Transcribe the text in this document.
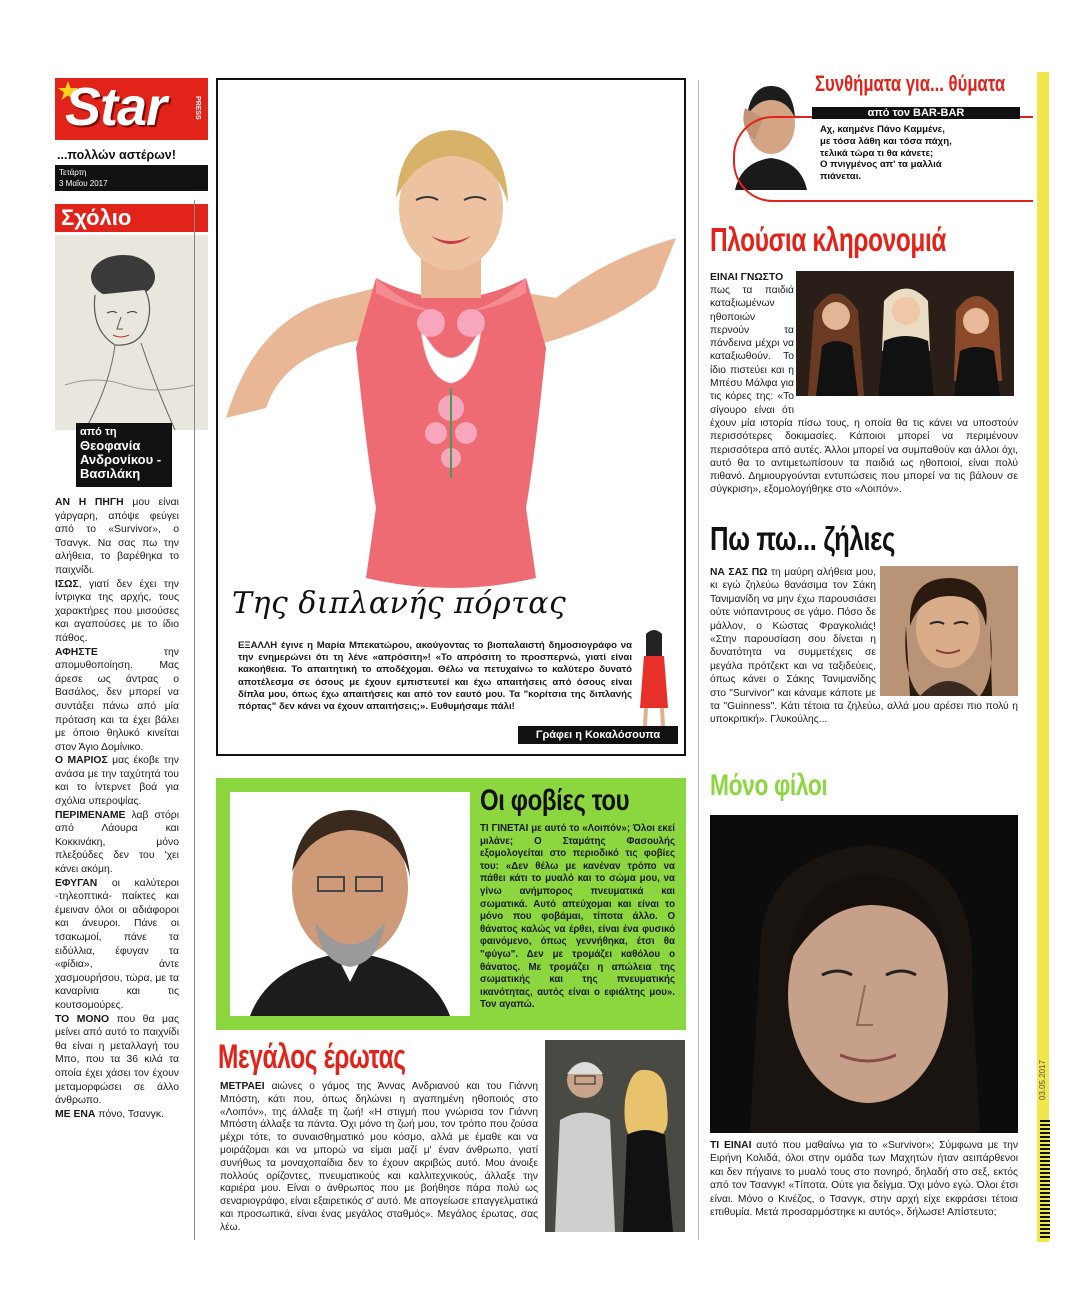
Star	PRESS
...πολλών αστέρων!
Τετάρτη
3 Μαΐου 2017
Σχόλιο
από τη
Θεοφανία
Ανδρονίκου -
Βασιλάκη

ΑΝ Η ΠΗΓΗ μου είναι γάργαρη, απόψε φεύγει από το «Survivor», ο Τσανγκ. Να σας πω την αλήθεια, το βαρέθηκα το παιχνίδι.

ΙΣΩΣ, γιατί δεν έχει την ίντριγκα της αρχής, τους χαρακτήρες που μισούσες και αγαπούσες με το ίδιο πάθος.

ΑΦΗΣΤΕ την απομυθοποίηση. Μας άρεσε ως άντρας ο Βασάλος, δεν μπορεί να συντάξει πάνω από μία πρόταση και τα έχει βάλει με όποιο θηλυκό κινείται στον Άγιο Δομίνικο.

Ο ΜΑΡΙΟΣ μας έκοβε την ανάσα με την ταχύτητά του και το ίντερνετ βοά για σχόλια υπεροψίας.

ΠΕΡΙΜΕΝΑΜΕ λαβ στόρι από Λάουρα και Κοκκινάκη, μόνο πλεξούδες δεν του 'χει κάνει ακόμη.

ΕΦΥΓΑΝ οι καλύτεροι -τηλεοπτικά- παίκτες και έμειναν όλοι οι αδιάφοροι και άνευροι. Πάνε οι τσακωμοί, πάνε τα ειδύλλια, έφυγαν τα «φίδια», άντε χασμουρήσου, τώρα, με τα καναρίνια και τις κουτσομούρες.

ΤΟ ΜΟΝΟ που θα μας μείνει από αυτό το παιχνίδι θα είναι η μεταλλαγή του Μπο, που τα 36 κιλά τα οποία έχει χάσει τον έχουν μεταμορφώσει σε άλλο άνθρωπο.

ΜΕ ΕΝΑ πόνο, Τσανγκ.

Της διπλανής πόρτας
ΕΞΑΛΛΗ έγινε η Μαρία Μπεκατώρου, ακούγοντας το βιοπαλαιστή δημοσιογράφο να την ενημερώνει ότι τη λένε «απρόσιτη»! «Το απρόσιτη το προσπερνώ, γιατί είναι κακοήθεια. Το απαιτητική το αποδέχομαι. Θέλω να πετυχαίνω το καλύτερο δυνατό αποτέλεσμα σε όσους με έχουν εμπιστευτεί και έχω απαιτήσεις από όσους είναι δίπλα μου, όπως έχω απαιτήσεις και από τον εαυτό μου. Τα "κορίτσια της διπλανής πόρτας" δεν κάνει να έχουν απαιτήσεις;». Ευθυμήσαμε πάλι!
Γράφει η Κοκαλόσουπα
Οι φοβίες του
ΤΙ ΓΙΝΕΤΑΙ με αυτό το «Λοιπόν»; Όλοι εκεί μιλάνε; Ο Σταμάτης Φασουλής εξομολογείται στο περιοδικό τις φοβίες του: «Δεν θέλω με κανέναν τρόπο να πάθει κάτι το μυαλό και το σώμα μου, να γίνω ανήμπορος πνευματικά και σωματικά. Αυτό απεύχομαι και είναι το μόνο που φοβάμαι, τίποτα άλλο. Ο θάνατος καλώς να έρθει, είναι ένα φυσικό φαινόμενο, όπως γεννήθηκα, έτσι θα "φύγω". Δεν με τρομάζει καθόλου ο θάνατος. Με τρομάζει η απώλεια της σωματικής και της πνευματικής ικανότητας, αυτός είναι ο εφιάλτης μου». Τον αγαπώ.
Μεγάλος έρωτας
ΜΕΤΡΑΕΙ αιώνες ο γάμος της Άννας Ανδριανού και του Γιάννη Μπόστη, κάτι που, όπως δηλώνει η αγαπημένη ηθοποιός στο «Λοιπόν», της άλλαξε τη ζωή! «Η στιγμή που γνώρισα τον Γιάννη Μπόστη άλλαξε τα πάντα. Όχι μόνο τη ζωή μου, τον τρόπο που ζούσα μέχρι τότε, το συναισθηματικό μου κόσμο, αλλά με έμαθε και να μοιράζομαι και να μπορώ να είμαι μαζί μ' έναν άνθρωπο, γιατί συνήθως τα μοναχοπαίδια δεν το έχουν ακριβώς αυτό. Μου άνοιξε πολλούς ορίζοντες, πνευματικούς και καλλιτεχνικούς, άλλαξε την καριέρα μου. Είναι ο άνθρωπος που με βοήθησε πάρα πολύ ως σεναριογράφο, είναι εξαιρετικός σ' αυτό. Με απογείωσε επαγγελματικά και προσωπικά, είναι ένας μεγάλος σταθμός». Μεγάλος έρωτας, σας λέω.
Συνθήματα για... θύματα
από τον BAR-BAR
Αχ, καημένε Πάνο Καμμένε,
με τόσα λάθη και τόσα πάχη,
τελικά τώρα τι θα κάνετε;
Ο πνιγμένος απ' τα μαλλιά
πιάνεται.
Πλούσια κληρονομιά
ΕΙΝΑΙ ΓΝΩΣΤΟ
πως τα παιδιά καταξιωμένων ηθοποιών περνούν τα πάνδεινα μέχρι να καταξιωθούν. Το ίδιο πιστεύει και η Μπέσυ Μάλφα για τις κόρες της: «Το σίγουρο είναι ότι έχουν μία ιστορία πίσω τους, η οποία θα τις κάνει να υποστούν περισσότερες δοκιμασίες. Κάποιοι μπορεί να περιμένουν περισσότερα από αυτές. Άλλοι μπορεί να συμπαθούν και άλλοι όχι, αυτό θα το αντιμετωπίσουν τα παιδιά ως ηθοποιοί, είναι πολύ πιθανό. Δημιουργούνται εντυπώσεις που μπορεί να τις βάλουν σε σύγκριση», εξομολογήθηκε στο «Λοιπόν».
Πω πω... ζήλιες
ΝΑ ΣΑΣ ΠΩ τη μαύρη αλήθεια μου, κι εγώ ζηλεύω θανάσιμα τον Σάκη Τανιμανίδη να μην έχω παρουσιάσει ούτε νιόπαντρους σε γάμο. Πόσο δε μάλλον, ο Κώστας Φραγκολιάς! «Στην παρουσίαση σου δίνεται η δυνατότητα να συμμετέχεις σε μεγάλα πρότζεκτ και να ταξιδεύεις, όπως κάνει ο Σάκης Τανιμανίδης στο "Survivor" και κάναμε κάποτε με τα "Guinness". Κάτι τέτοια τα ζηλεύω, αλλά μου αρέσει πιο πολύ η υποκριτική». Γλυκούλης...
Μόνο φίλοι
ΤΙ ΕΙΝΑΙ αυτό που μαθαίνω για το «Survivor»; Σύμφωνα με την Ειρήνη Κολιδά, όλοι στην ομάδα των Μαχητών ήταν αειπάρθενοι και δεν πήγαινε το μυαλό τους στο πονηρό, δηλαδή στο σεξ, εκτός από τον Τσανγκ! «Τίποτα. Ούτε για δείγμα. Όχι μόνο εγώ. Όλοι έτσι είναι. Μόνο ο Κινέζος, ο Τσανγκ, στην αρχή είχε εκφράσει τέτοια επιθυμία. Μετά προσαρμόστηκε κι αυτός», δήλωσε! Απίστευτο;
03.05.2017
